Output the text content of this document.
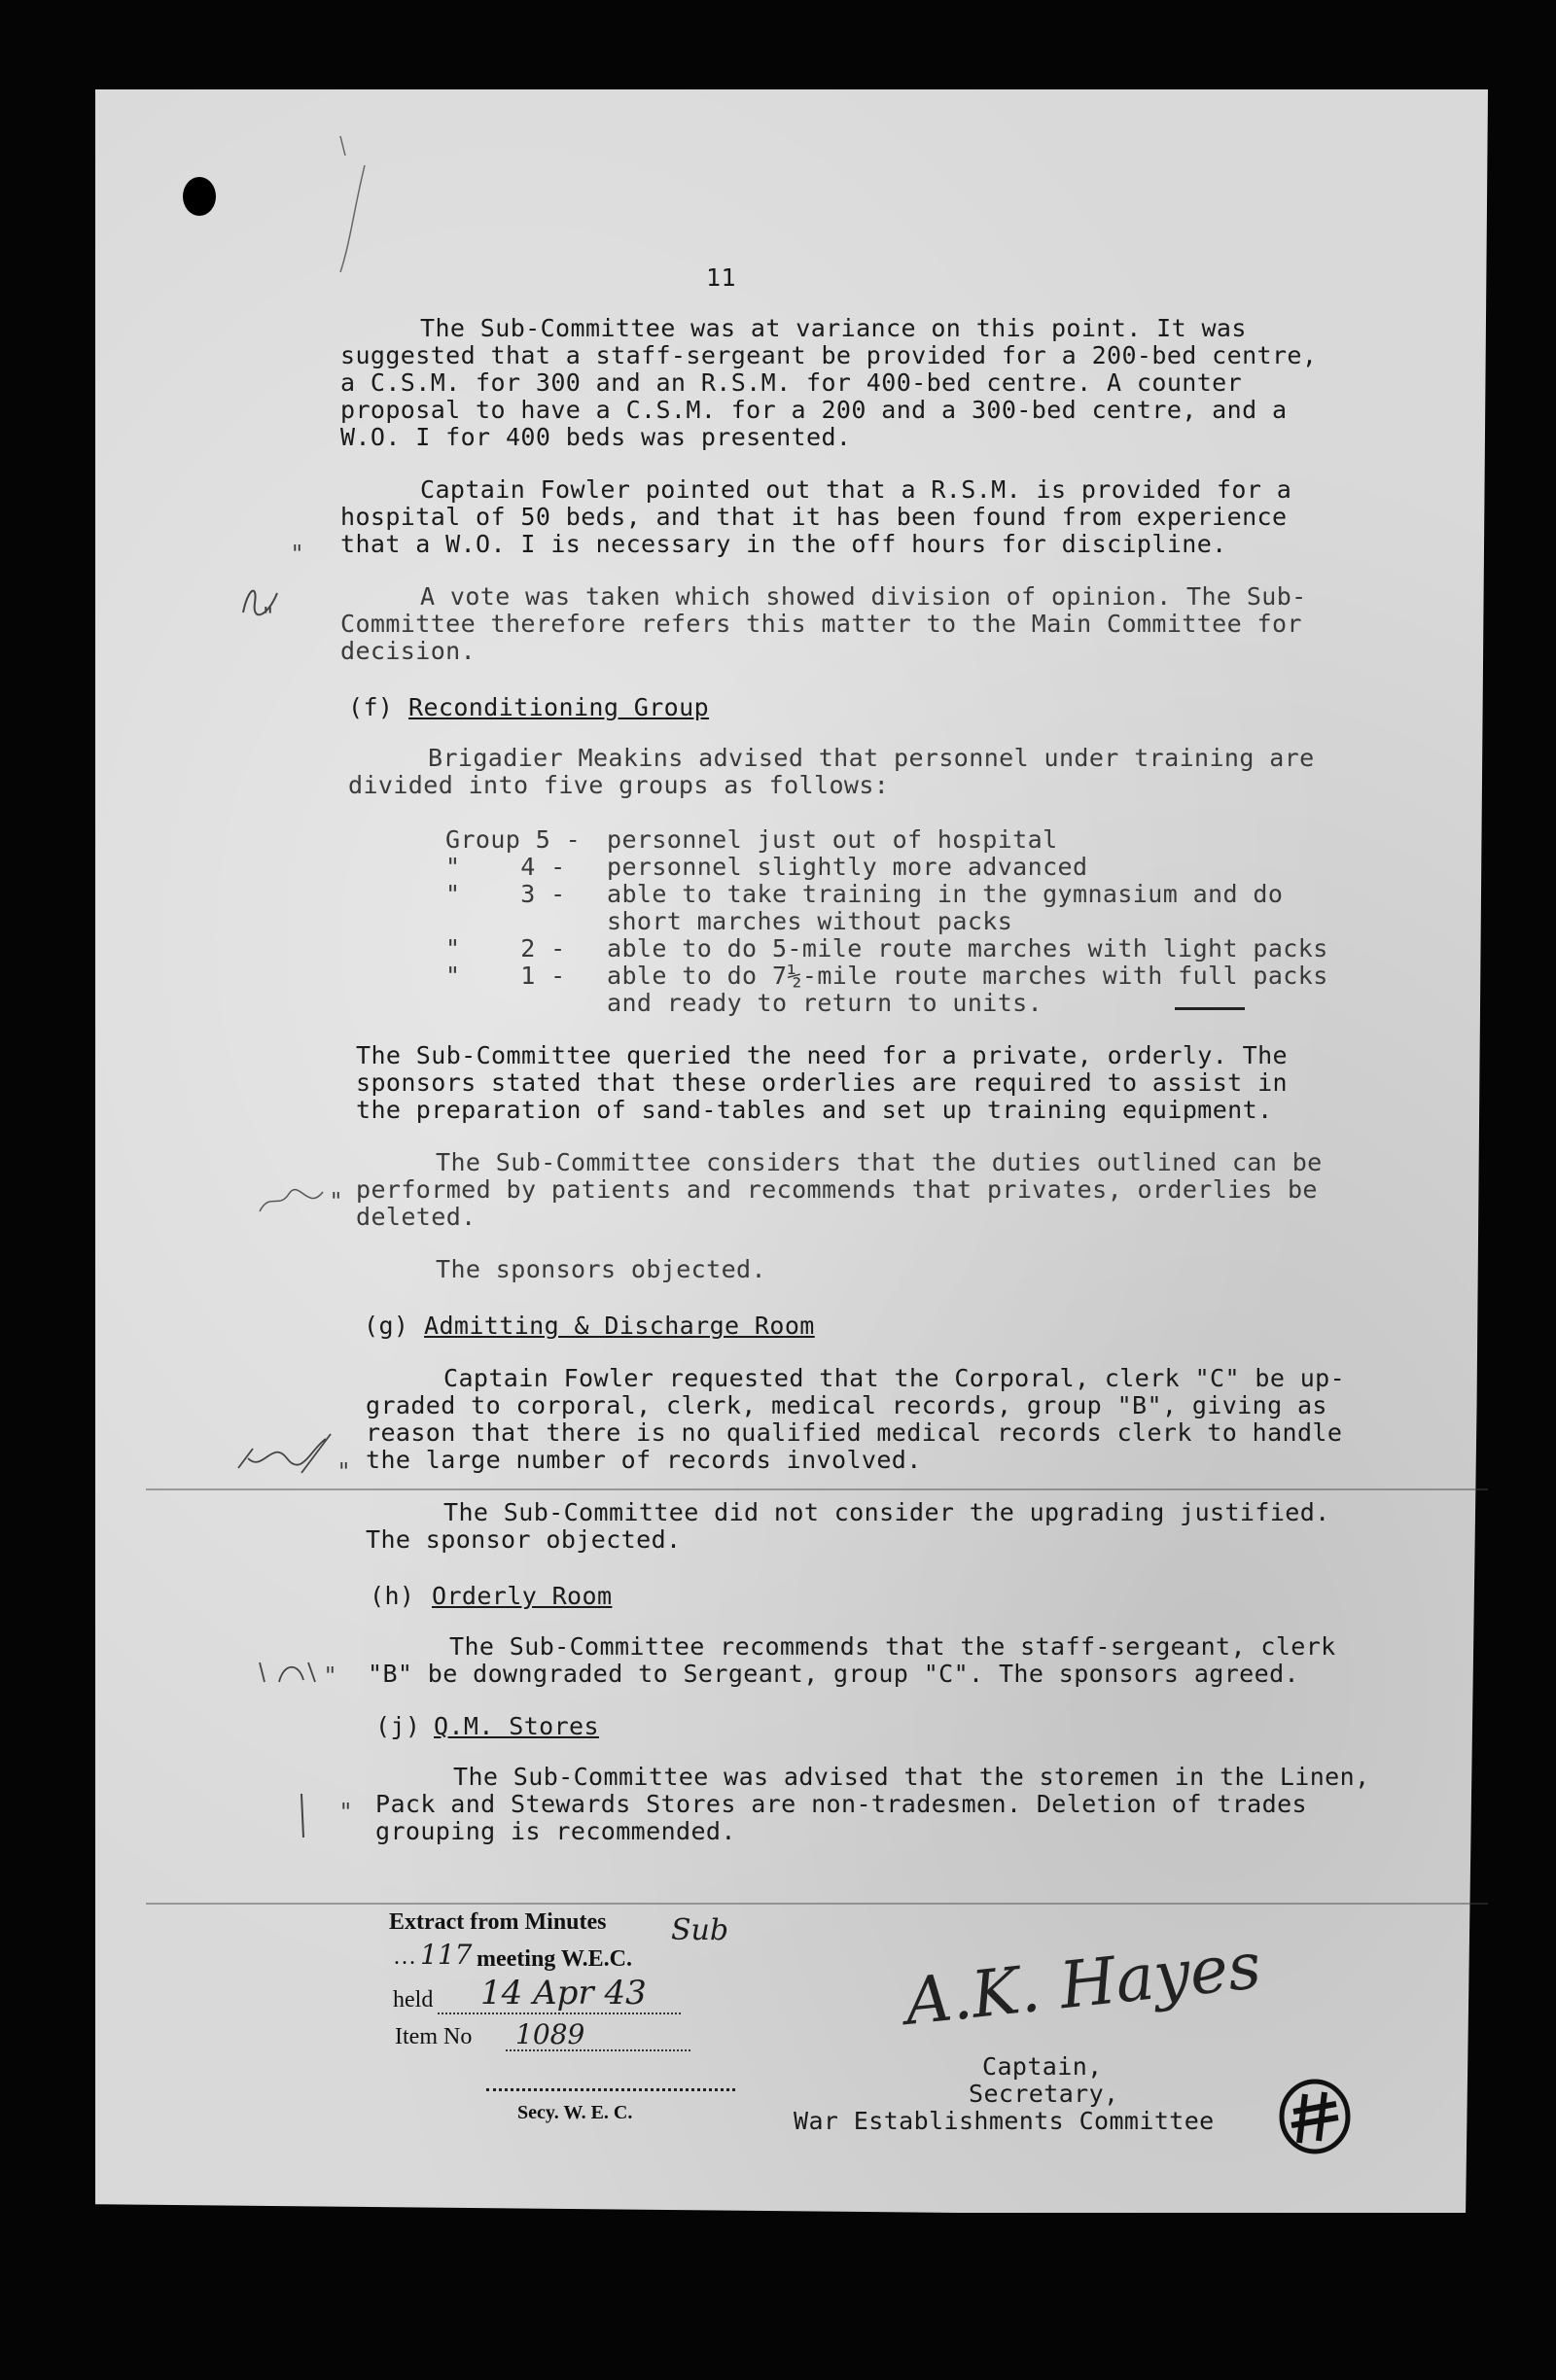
11
The Sub-Committee was at variance on this point. It was
suggested that a staff-sergeant be provided for a 200-bed centre,
a C.S.M. for 300 and an R.S.M. for 400-bed centre. A counter
proposal to have a C.S.M. for a 200 and a 300-bed centre, and a
W.O. I for 400 beds was presented.
Captain Fowler pointed out that a R.S.M. is provided for a
hospital of 50 beds, and that it has been found from experience
that a W.O. I is necessary in the off hours for discipline.
A vote was taken which showed division of opinion. The Sub-
Committee therefore refers this matter to the Main Committee for
decision.
(f) Reconditioning Group
Brigadier Meakins advised that personnel under training are
divided into five groups as follows:
Group 5 - personnel just out of hospital
"    4 - personnel slightly more advanced
"    3 - able to take training in the gymnasium and do
short marches without packs
"    2 - able to do 5-mile route marches with light packs
"    1 - able to do 7½-mile route marches with full packs
and ready to return to units.
The Sub-Committee queried the need for a private, orderly. The
sponsors stated that these orderlies are required to assist in
the preparation of sand-tables and set up training equipment.
The Sub-Committee considers that the duties outlined can be
performed by patients and recommends that privates, orderlies be
deleted.
The sponsors objected.
(g) Admitting & Discharge Room
Captain Fowler requested that the Corporal, clerk "C" be up-
graded to corporal, clerk, medical records, group "B", giving as
reason that there is no qualified medical records clerk to handle
the large number of records involved.
The Sub-Committee did not consider the upgrading justified.
The sponsor objected.
(h) Orderly Room
The Sub-Committee recommends that the staff-sergeant, clerk
"B" be downgraded to Sergeant, group "C". The sponsors agreed.
(j) Q.M. Stores
The Sub-Committee was advised that the storemen in the Linen,
Pack and Stewards Stores are non-tradesmen. Deletion of trades
grouping is recommended.
"
"
"
"
"
"
Extract from Minutes
… 117 meeting W.E.C.
Sub
held 14 Apr 43
Item No 1089
Secy. W. E. C.
A.K. Hayes
Captain,
Secretary,
War Establishments Committee
